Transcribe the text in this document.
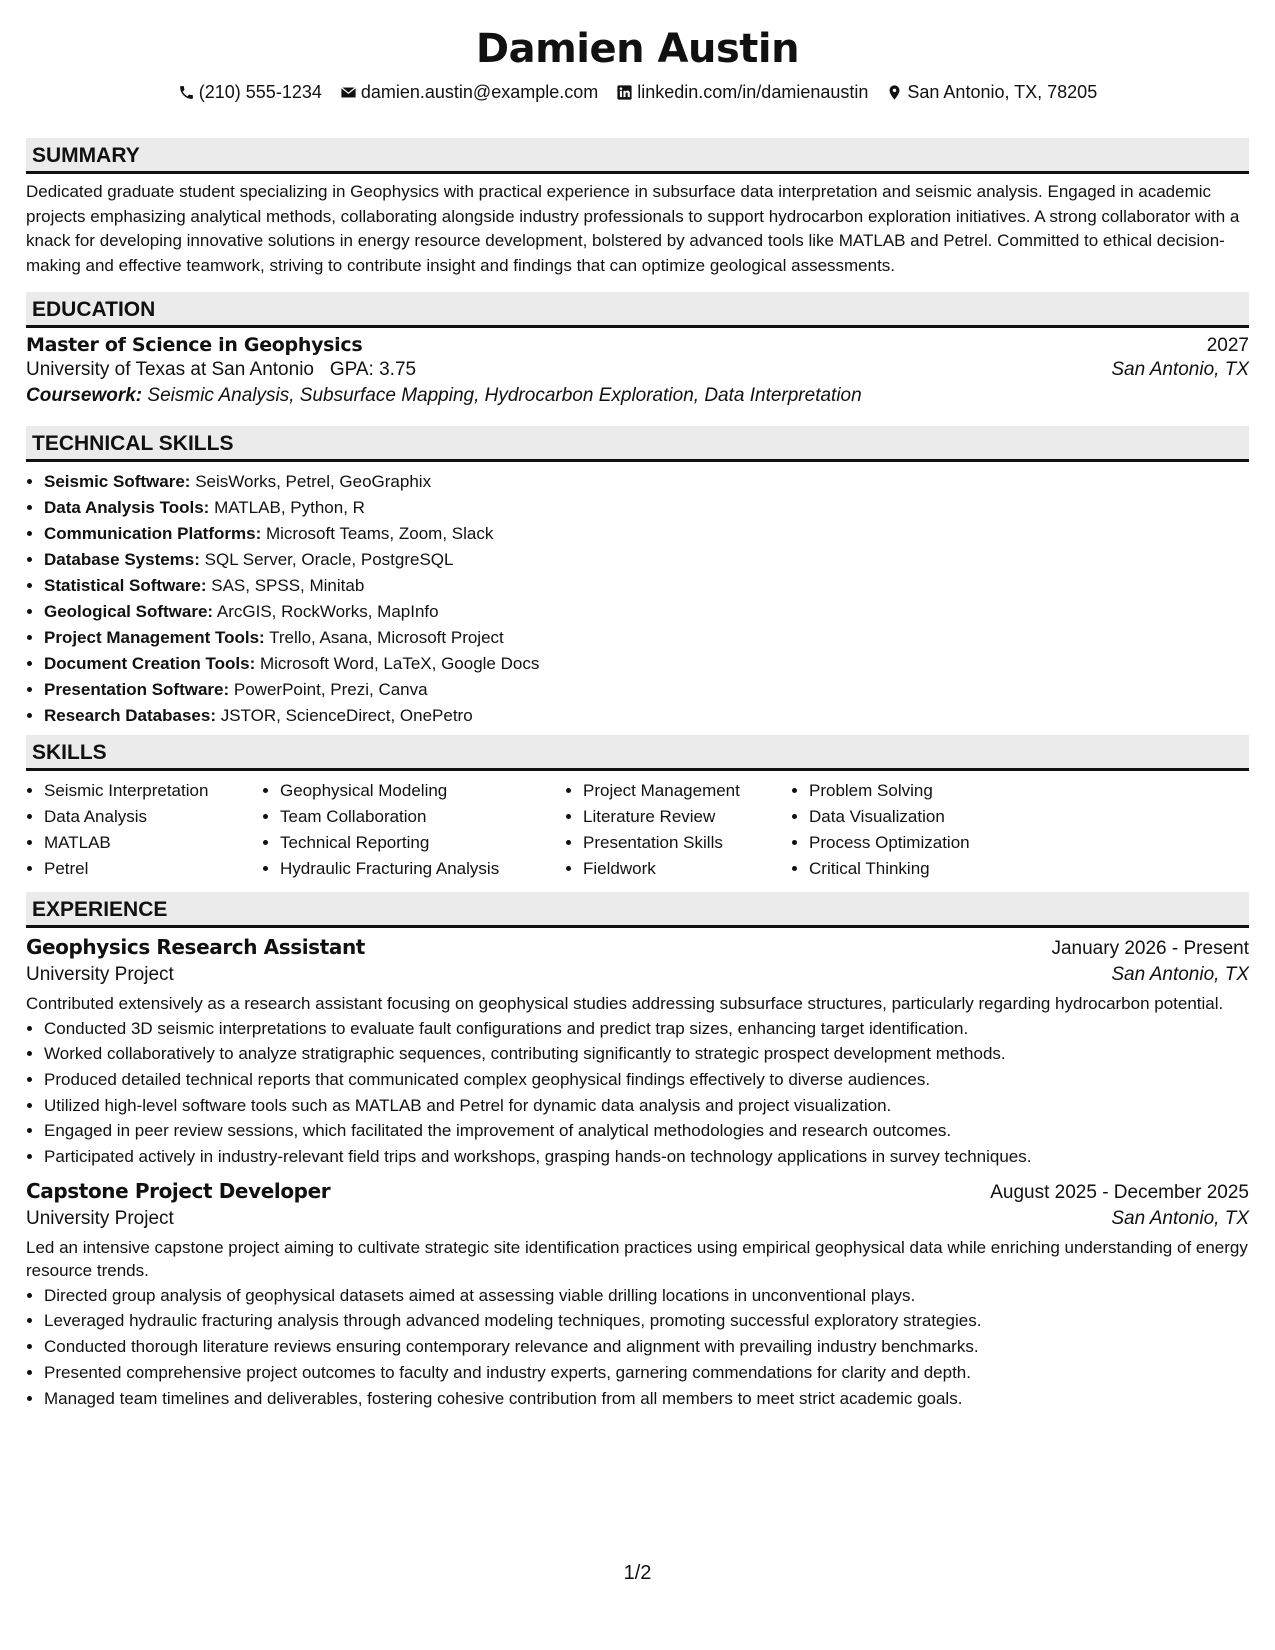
Damien Austin
(210) 555-1234 damien.austin@example.com linkedin.com/in/damienaustin San Antonio, TX, 78205
SUMMARY

Dedicated graduate student specializing in Geophysics with practical experience in subsurface data interpretation and seismic analysis. Engaged in academic projects emphasizing analytical methods, collaborating alongside industry professionals to support hydrocarbon exploration initiatives. A strong collaborator with a knack for developing innovative solutions in energy resource development, bolstered by advanced tools like MATLAB and Petrel. Committed to ethical decision-making and effective teamwork, striving to contribute insight and findings that can optimize geological assessments.

EDUCATION
Master of Science in Geophysics	2027
University of Texas at San Antonio GPA: 3.75	San Antonio, TX
Coursework: Seismic Analysis, Subsurface Mapping, Hydrocarbon Exploration, Data Interpretation
TECHNICAL SKILLS
• Seismic Software: SeisWorks, Petrel, GeoGraphix
• Data Analysis Tools: MATLAB, Python, R
• Communication Platforms: Microsoft Teams, Zoom, Slack
• Database Systems: SQL Server, Oracle, PostgreSQL
• Statistical Software: SAS, SPSS, Minitab
• Geological Software: ArcGIS, RockWorks, MapInfo
• Project Management Tools: Trello, Asana, Microsoft Project
• Document Creation Tools: Microsoft Word, LaTeX, Google Docs
• Presentation Software: PowerPoint, Prezi, Canva
• Research Databases: JSTOR, ScienceDirect, OnePetro
SKILLS
• Seismic Interpretation
• Data Analysis
• MATLAB
• Petrel
• Geophysical Modeling
• Team Collaboration
• Technical Reporting
• Hydraulic Fracturing Analysis
• Project Management
• Literature Review
• Presentation Skills
• Fieldwork
• Problem Solving
• Data Visualization
• Process Optimization
• Critical Thinking
EXPERIENCE
Geophysics Research Assistant	January 2026 - Present
University Project	San Antonio, TX
Contributed extensively as a research assistant focusing on geophysical studies addressing subsurface structures, particularly regarding hydrocarbon potential.
• Conducted 3D seismic interpretations to evaluate fault configurations and predict trap sizes, enhancing target identification.
• Worked collaboratively to analyze stratigraphic sequences, contributing significantly to strategic prospect development methods.
• Produced detailed technical reports that communicated complex geophysical findings effectively to diverse audiences.
• Utilized high-level software tools such as MATLAB and Petrel for dynamic data analysis and project visualization.
• Engaged in peer review sessions, which facilitated the improvement of analytical methodologies and research outcomes.
• Participated actively in industry-relevant field trips and workshops, grasping hands-on technology applications in survey techniques.
Capstone Project Developer	August 2025 - December 2025
University Project	San Antonio, TX
Led an intensive capstone project aiming to cultivate strategic site identification practices using empirical geophysical data while enriching understanding of energy resource trends.
• Directed group analysis of geophysical datasets aimed at assessing viable drilling locations in unconventional plays.
• Leveraged hydraulic fracturing analysis through advanced modeling techniques, promoting successful exploratory strategies.
• Conducted thorough literature reviews ensuring contemporary relevance and alignment with prevailing industry benchmarks.
• Presented comprehensive project outcomes to faculty and industry experts, garnering commendations for clarity and depth.
• Managed team timelines and deliverables, fostering cohesive contribution from all members to meet strict academic goals.
1/2
